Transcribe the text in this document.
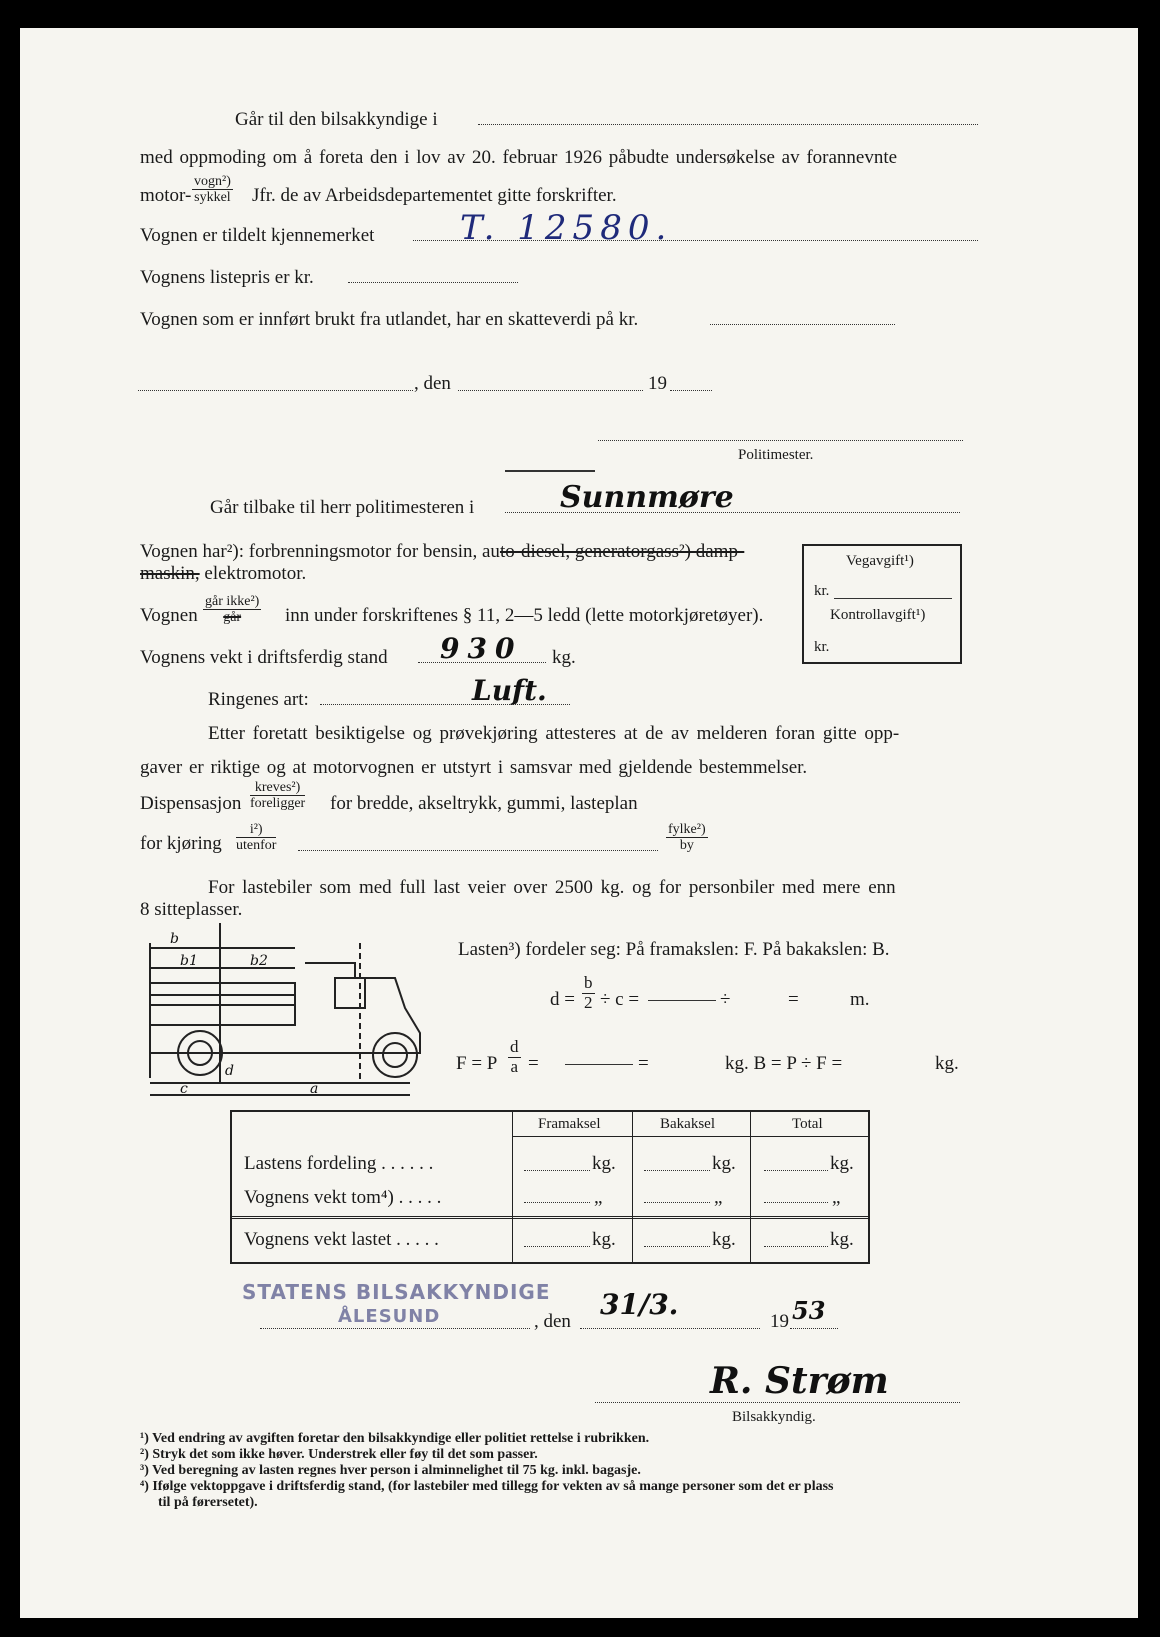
Går til den bilsakkyndige i
med oppmoding om å foreta den i lov av 20. februar 1926 påbudte undersøkelse av forannevnte
motor-
vogn²)
sykkel Jfr. de av Arbeidsdepartementet gitte forskrifter.
Vognen er tildelt kjennemerket	T. 12580.
Vognens listepris er kr.
Vognen som er innført brukt fra utlandet, har en skatteverdi på kr.
, den	19
Politimester.
Går tilbake til herr politimesteren i	Sunnmøre
Vognen har²): forbrenningsmotor for bensin, auto-diesel, generatorgass²) damp-
maskin, elektromotor.
Vognen
går ikke²)
går	inn under forskriftenes § 11, 2—5 ledd (lette motorkjøretøyer).
Vognens vekt i driftsferdig stand 930 kg.
Ringenes art:	Luft.
Vegavgift¹)
kr.
Kontrollavgift¹)
kr.
Etter foretatt besiktigelse og prøvekjøring attesteres at de av melderen foran gitte opp-
gaver er riktige og at motorvognen er utstyrt i samsvar med gjeldende bestemmelser.
Dispensasjon
kreves²)
foreligger for bredde, akseltrykk, gummi, lasteplan
for kjøring
i²)
utenfor
fylke²)
by
For lastebiler som med full last veier over 2500 kg. og for personbiler med mere enn
8 sitteplasser.
b
b1	b2
c
d
a
Lasten³) fordeler seg: På framakslen: F. På bakakslen: B.
$d = \frac{b}{2} \div c$ =	÷	=	m.
F = P $\frac{d}{a}$ =	=	kg. B = P ÷ F =	kg.
Framaksel	Bakaksel	Total
Lastens fordeling . . . . . .	kg.	kg.	kg.
Vognens vekt tom⁴) . . . . .	„	„	„
Vognens vekt lastet . . . . .	kg.	kg.	kg.
STATENS BILSAKKYNDIGE
ÅLESUND	, den
31/3.
19 53
R. Strøm
Bilsakkyndig.
¹) Ved endring av avgiften foretar den bilsakkyndige eller politiet rettelse i rubrikken.
²) Stryk det som ikke høver. Understrek eller føy til det som passer.
³) Ved beregning av lasten regnes hver person i alminnelighet til 75 kg. inkl. bagasje.
⁴) Ifølge vektoppgave i driftsferdig stand, (for lastebiler med tillegg for vekten av så mange personer som det er plass
til på førersetet).
